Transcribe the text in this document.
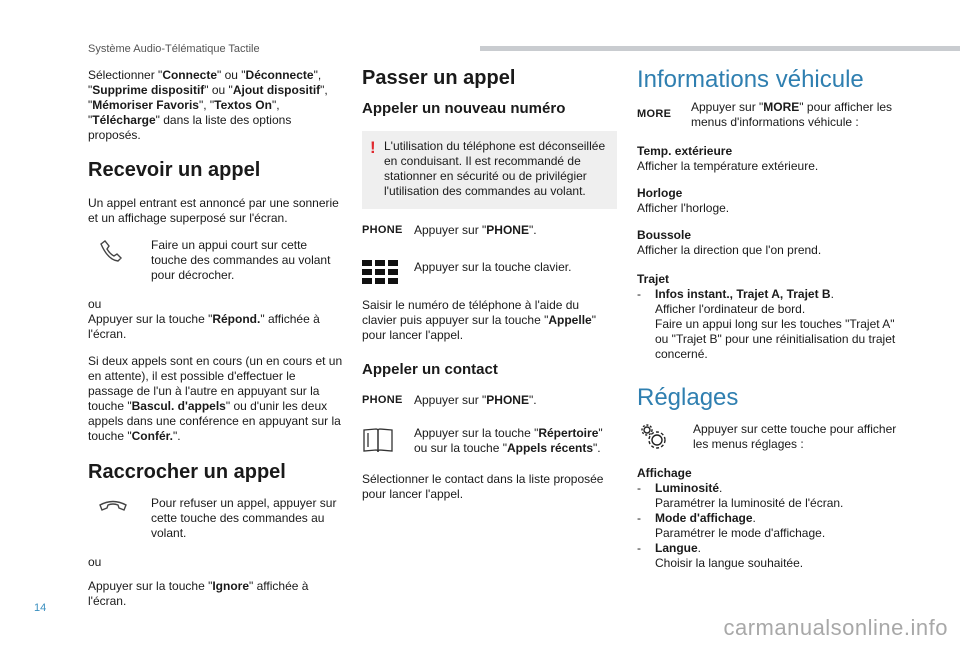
Système Audio-Télématique Tactile

Sélectionner "Connecte" ou "Déconnecte", "Supprime dispositif" ou "Ajout dispositif", "Mémoriser Favoris", "Textos On", "Télécharge" dans la liste des options proposés.

Recevoir un appel

Un appel entrant est annoncé par une sonnerie et un affichage superposé sur l'écran.

Faire un appui court sur cette touche des commandes au volant pour décrocher.

ou

Appuyer sur la touche "Répond." affichée à l'écran.

Si deux appels sont en cours (un en cours et un en attente), il est possible d'effectuer le passage de l'un à l'autre en appuyant sur la touche "Bascul. d'appels" ou d'unir les deux appels dans une conférence en appuyant sur la touche "Confér.".

Raccrocher un appel

Pour refuser un appel, appuyer sur cette touche des commandes au volant.

ou

Appuyer sur la touche "Ignore" affichée à l'écran.

Passer un appel
Appeler un nouveau numéro
! L'utilisation du téléphone est déconseillée en conduisant. Il est recommandé de stationner en sécurité ou de privilégier l'utilisation des commandes au volant.

PHONE Appuyer sur "PHONE".

Appuyer sur la touche clavier.

Saisir le numéro de téléphone à l'aide du clavier puis appuyer sur la touche "Appelle" pour lancer l'appel.

Appeler un contact
PHONE Appuyer sur "PHONE".

Appuyer sur la touche "Répertoire" ou sur la touche "Appels récents".

Sélectionner le contact dans la liste proposée pour lancer l'appel.

Informations véhicule
MORE Appuyer sur "MORE" pour afficher les menus d'informations véhicule :

Temp. extérieure

Afficher la température extérieure.

Horloge

Afficher l'horloge.

Boussole

Afficher la direction que l'on prend.

Trajet

-	Infos instant., Trajet A, Trajet B.

Afficher l'ordinateur de bord.

Faire un appui long sur les touches "Trajet A" ou "Trajet B" pour une réinitialisation du trajet concerné.

Réglages

Appuyer sur cette touche pour afficher les menus réglages :

Affichage

-	Luminosité.

Paramétrer la luminosité de l'écran.

-	Mode d'affichage.

Paramétrer le mode d'affichage.

-	Langue.

Choisir la langue souhaitée.

14
carmanualsonline.info
